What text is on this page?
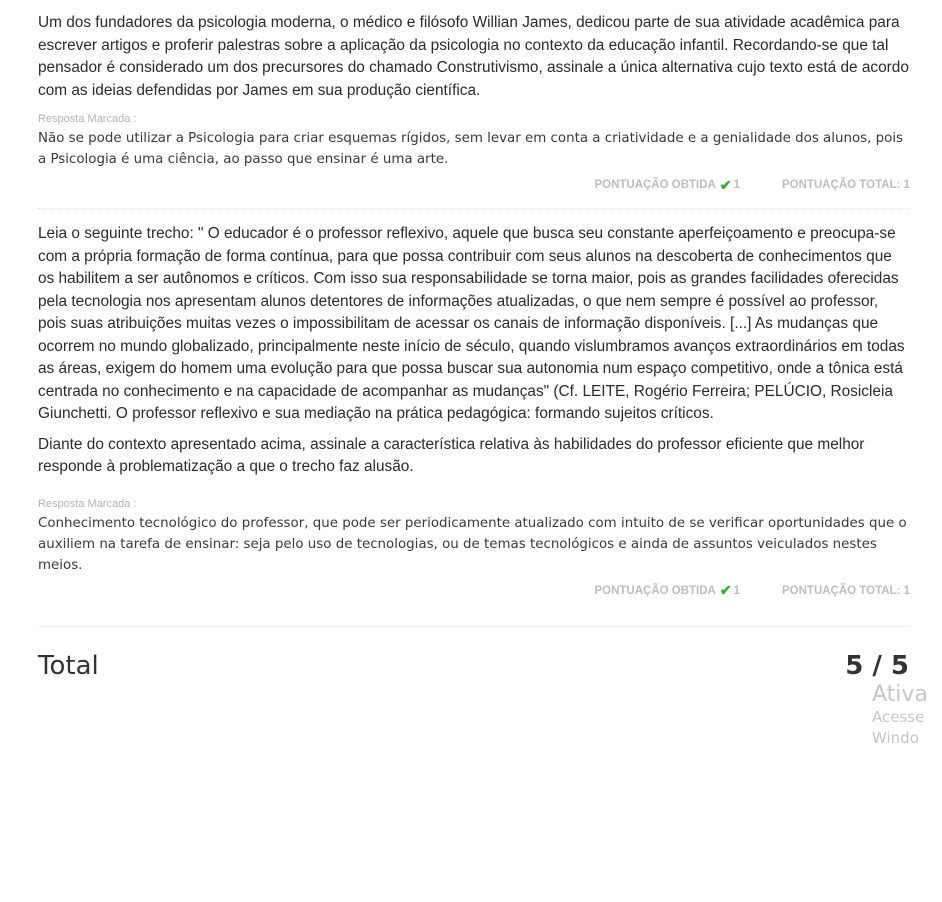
Um dos fundadores da psicologia moderna, o médico e filósofo Willian James, dedicou parte de sua atividade acadêmica para escrever artigos e proferir palestras sobre a aplicação da psicologia no contexto da educação infantil. Recordando-se que tal pensador é considerado um dos precursores do chamado Construtivismo, assinale a única alternativa cujo texto está de acordo com as ideias defendidas por James em sua produção científica.

Resposta Marcada :

Não se pode utilizar a Psicologia para criar esquemas rígidos, sem levar em conta a criatividade e a genialidade dos alunos, pois a Psicologia é uma ciência, ao passo que ensinar é uma arte.

PONTUAÇÃO OBTIDA ✔ 1	PONTUAÇÃO TOTAL: 1

Leia o seguinte trecho: " O educador é o professor reflexivo, aquele que busca seu constante aperfeiçoamento e preocupa-se com a própria formação de forma contínua, para que possa contribuir com seus alunos na descoberta de conhecimentos que os habilitem a ser autônomos e críticos. Com isso sua responsabilidade se torna maior, pois as grandes facilidades oferecidas pela tecnologia nos apresentam alunos detentores de informações atualizadas, o que nem sempre é possível ao professor, pois suas atribuições muitas vezes o impossibilitam de acessar os canais de informação disponíveis. [...] As mudanças que ocorrem no mundo globalizado, principalmente neste início de século, quando vislumbramos avanços extraordinários em todas as áreas, exigem do homem uma evolução para que possa buscar sua autonomia num espaço competitivo, onde a tônica está centrada no conhecimento e na capacidade de acompanhar as mudanças" (Cf. LEITE, Rogério Ferreira; PELÚCIO, Rosicleia Giunchetti. O professor reflexivo e sua mediação na prática pedagógica: formando sujeitos críticos.

Diante do contexto apresentado acima, assinale a característica relativa às habilidades do professor eficiente que melhor responde à problematização a que o trecho faz alusão.

Resposta Marcada :

Conhecimento tecnológico do professor, que pode ser periodicamente atualizado com intuito de se verificar oportunidades que o auxiliem na tarefa de ensinar: seja pelo uso de tecnologias, ou de temas tecnológicos e ainda de assuntos veiculados nestes meios.

PONTUAÇÃO OBTIDA ✔ 1	PONTUAÇÃO TOTAL: 1
Total	5 / 5
Ativa
Acesse
Windo
